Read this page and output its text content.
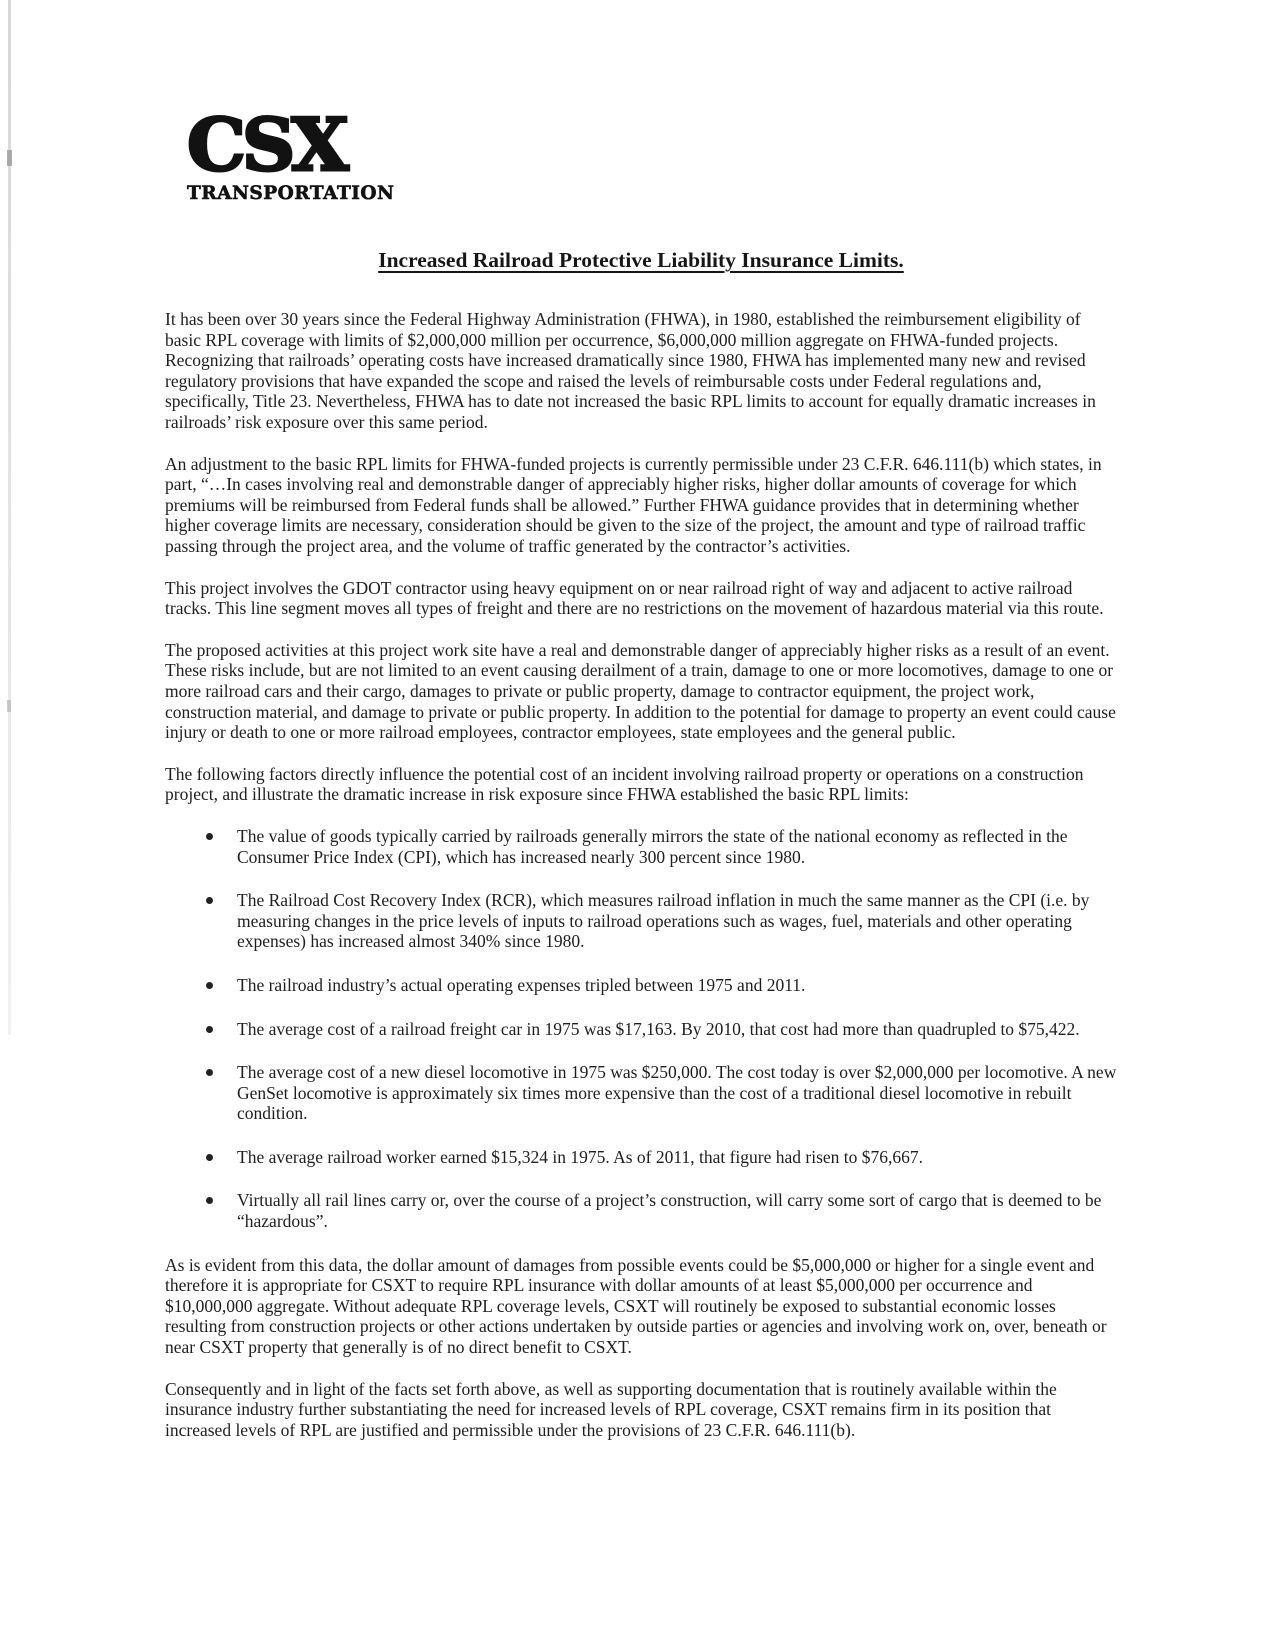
CSX
TRANSPORTATION
Increased Railroad Protective Liability Insurance Limits.

It has been over 30 years since the Federal Highway Administration (FHWA), in 1980, established the reimbursement eligibility of basic RPL coverage with limits of $2,000,000 million per occurrence, $6,000,000 million aggregate on FHWA-funded projects. Recognizing that railroads’ operating costs have increased dramatically since 1980, FHWA has implemented many new and revised regulatory provisions that have expanded the scope and raised the levels of reimbursable costs under Federal regulations and, specifically, Title 23. Nevertheless, FHWA has to date not increased the basic RPL limits to account for equally dramatic increases in railroads’ risk exposure over this same period.

An adjustment to the basic RPL limits for FHWA-funded projects is currently permissible under 23 C.F.R. 646.111(b) which states, in part, “…In cases involving real and demonstrable danger of appreciably higher risks, higher dollar amounts of coverage for which premiums will be reimbursed from Federal funds shall be allowed.” Further FHWA guidance provides that in determining whether higher coverage limits are necessary, consideration should be given to the size of the project, the amount and type of railroad traffic passing through the project area, and the volume of traffic generated by the contractor’s activities.

This project involves the GDOT contractor using heavy equipment on or near railroad right of way and adjacent to active railroad tracks. This line segment moves all types of freight and there are no restrictions on the movement of hazardous material via this route.

The proposed activities at this project work site have a real and demonstrable danger of appreciably higher risks as a result of an event. These risks include, but are not limited to an event causing derailment of a train, damage to one or more locomotives, damage to one or more railroad cars and their cargo, damages to private or public property, damage to contractor equipment, the project work, construction material, and damage to private or public property. In addition to the potential for damage to property an event could cause injury or death to one or more railroad employees, contractor employees, state employees and the general public.

The following factors directly influence the potential cost of an incident involving railroad property or operations on a construction project, and illustrate the dramatic increase in risk exposure since FHWA established the basic RPL limits:

The value of goods typically carried by railroads generally mirrors the state of the national economy as reflected in the Consumer Price Index (CPI), which has increased nearly 300 percent since 1980.
The Railroad Cost Recovery Index (RCR), which measures railroad inflation in much the same manner as the CPI (i.e. by measuring changes in the price levels of inputs to railroad operations such as wages, fuel, materials and other operating expenses) has increased almost 340% since 1980.
The railroad industry’s actual operating expenses tripled between 1975 and 2011.
The average cost of a railroad freight car in 1975 was $17,163. By 2010, that cost had more than quadrupled to $75,422.
The average cost of a new diesel locomotive in 1975 was $250,000. The cost today is over $2,000,000 per locomotive. A new GenSet locomotive is approximately six times more expensive than the cost of a traditional diesel locomotive in rebuilt condition.
The average railroad worker earned $15,324 in 1975. As of 2011, that figure had risen to $76,667.
Virtually all rail lines carry or, over the course of a project’s construction, will carry some sort of cargo that is deemed to be “hazardous”.

As is evident from this data, the dollar amount of damages from possible events could be $5,000,000 or higher for a single event and therefore it is appropriate for CSXT to require RPL insurance with dollar amounts of at least $5,000,000 per occurrence and $10,000,000 aggregate. Without adequate RPL coverage levels, CSXT will routinely be exposed to substantial economic losses resulting from construction projects or other actions undertaken by outside parties or agencies and involving work on, over, beneath or near CSXT property that generally is of no direct benefit to CSXT.

Consequently and in light of the facts set forth above, as well as supporting documentation that is routinely available within the insurance industry further substantiating the need for increased levels of RPL coverage, CSXT remains firm in its position that increased levels of RPL are justified and permissible under the provisions of 23 C.F.R. 646.111(b).
